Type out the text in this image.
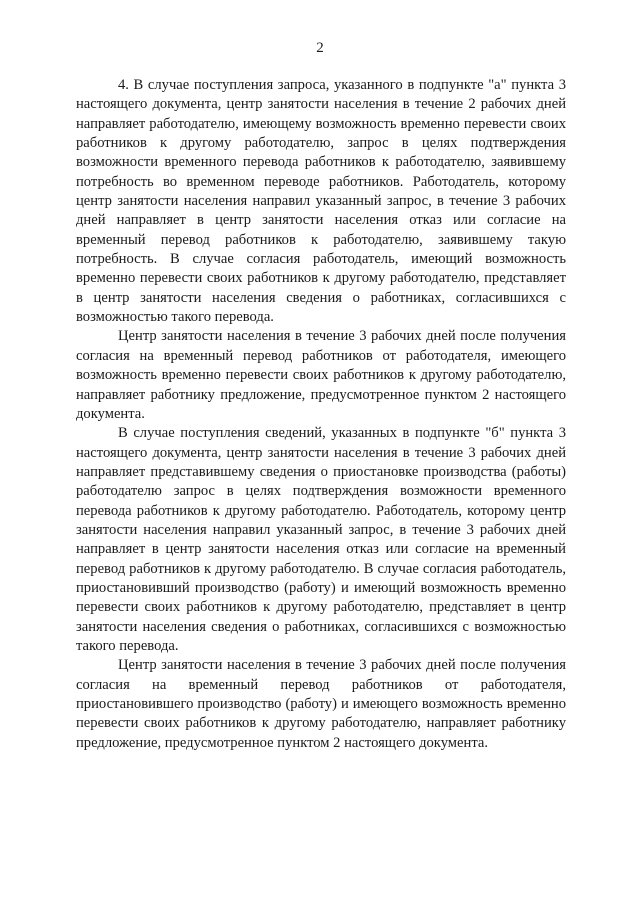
2

4. В случае поступления запроса, указанного в подпункте "а" пункта 3 настоящего документа, центр занятости населения в течение 2 рабочих дней направляет работодателю, имеющему возможность временно перевести своих работников к другому работодателю, запрос в целях подтверждения возможности временного перевода работников к работодателю, заявившему потребность во временном переводе работников. Работодатель, которому центр занятости населения направил указанный запрос, в течение 3 рабочих дней направляет в центр занятости населения отказ или согласие на временный перевод работников к работодателю, заявившему такую потребность. В случае согласия работодатель, имеющий возможность временно перевести своих работников к другому работодателю, представляет в центр занятости населения сведения о работниках, согласившихся с возможностью такого перевода.

Центр занятости населения в течение 3 рабочих дней после получения согласия на временный перевод работников от работодателя, имеющего возможность временно перевести своих работников к другому работодателю, направляет работнику предложение, предусмотренное пунктом 2 настоящего документа.

В случае поступления сведений, указанных в подпункте "б" пункта 3 настоящего документа, центр занятости населения в течение 3 рабочих дней направляет представившему сведения о приостановке производства (работы) работодателю запрос в целях подтверждения возможности временного перевода работников к другому работодателю. Работодатель, которому центр занятости населения направил указанный запрос, в течение 3 рабочих дней направляет в центр занятости населения отказ или согласие на временный перевод работников к другому работодателю. В случае согласия работодатель, приостановивший производство (работу) и имеющий возможность временно перевести своих работников к другому работодателю, представляет в центр занятости населения сведения о работниках, согласившихся с возможностью такого перевода.

Центр занятости населения в течение 3 рабочих дней после получения согласия на временный перевод работников от работодателя, приостановившего производство (работу) и имеющего возможность временно перевести своих работников к другому работодателю, направляет работнику предложение, предусмотренное пунктом 2 настоящего документа.
